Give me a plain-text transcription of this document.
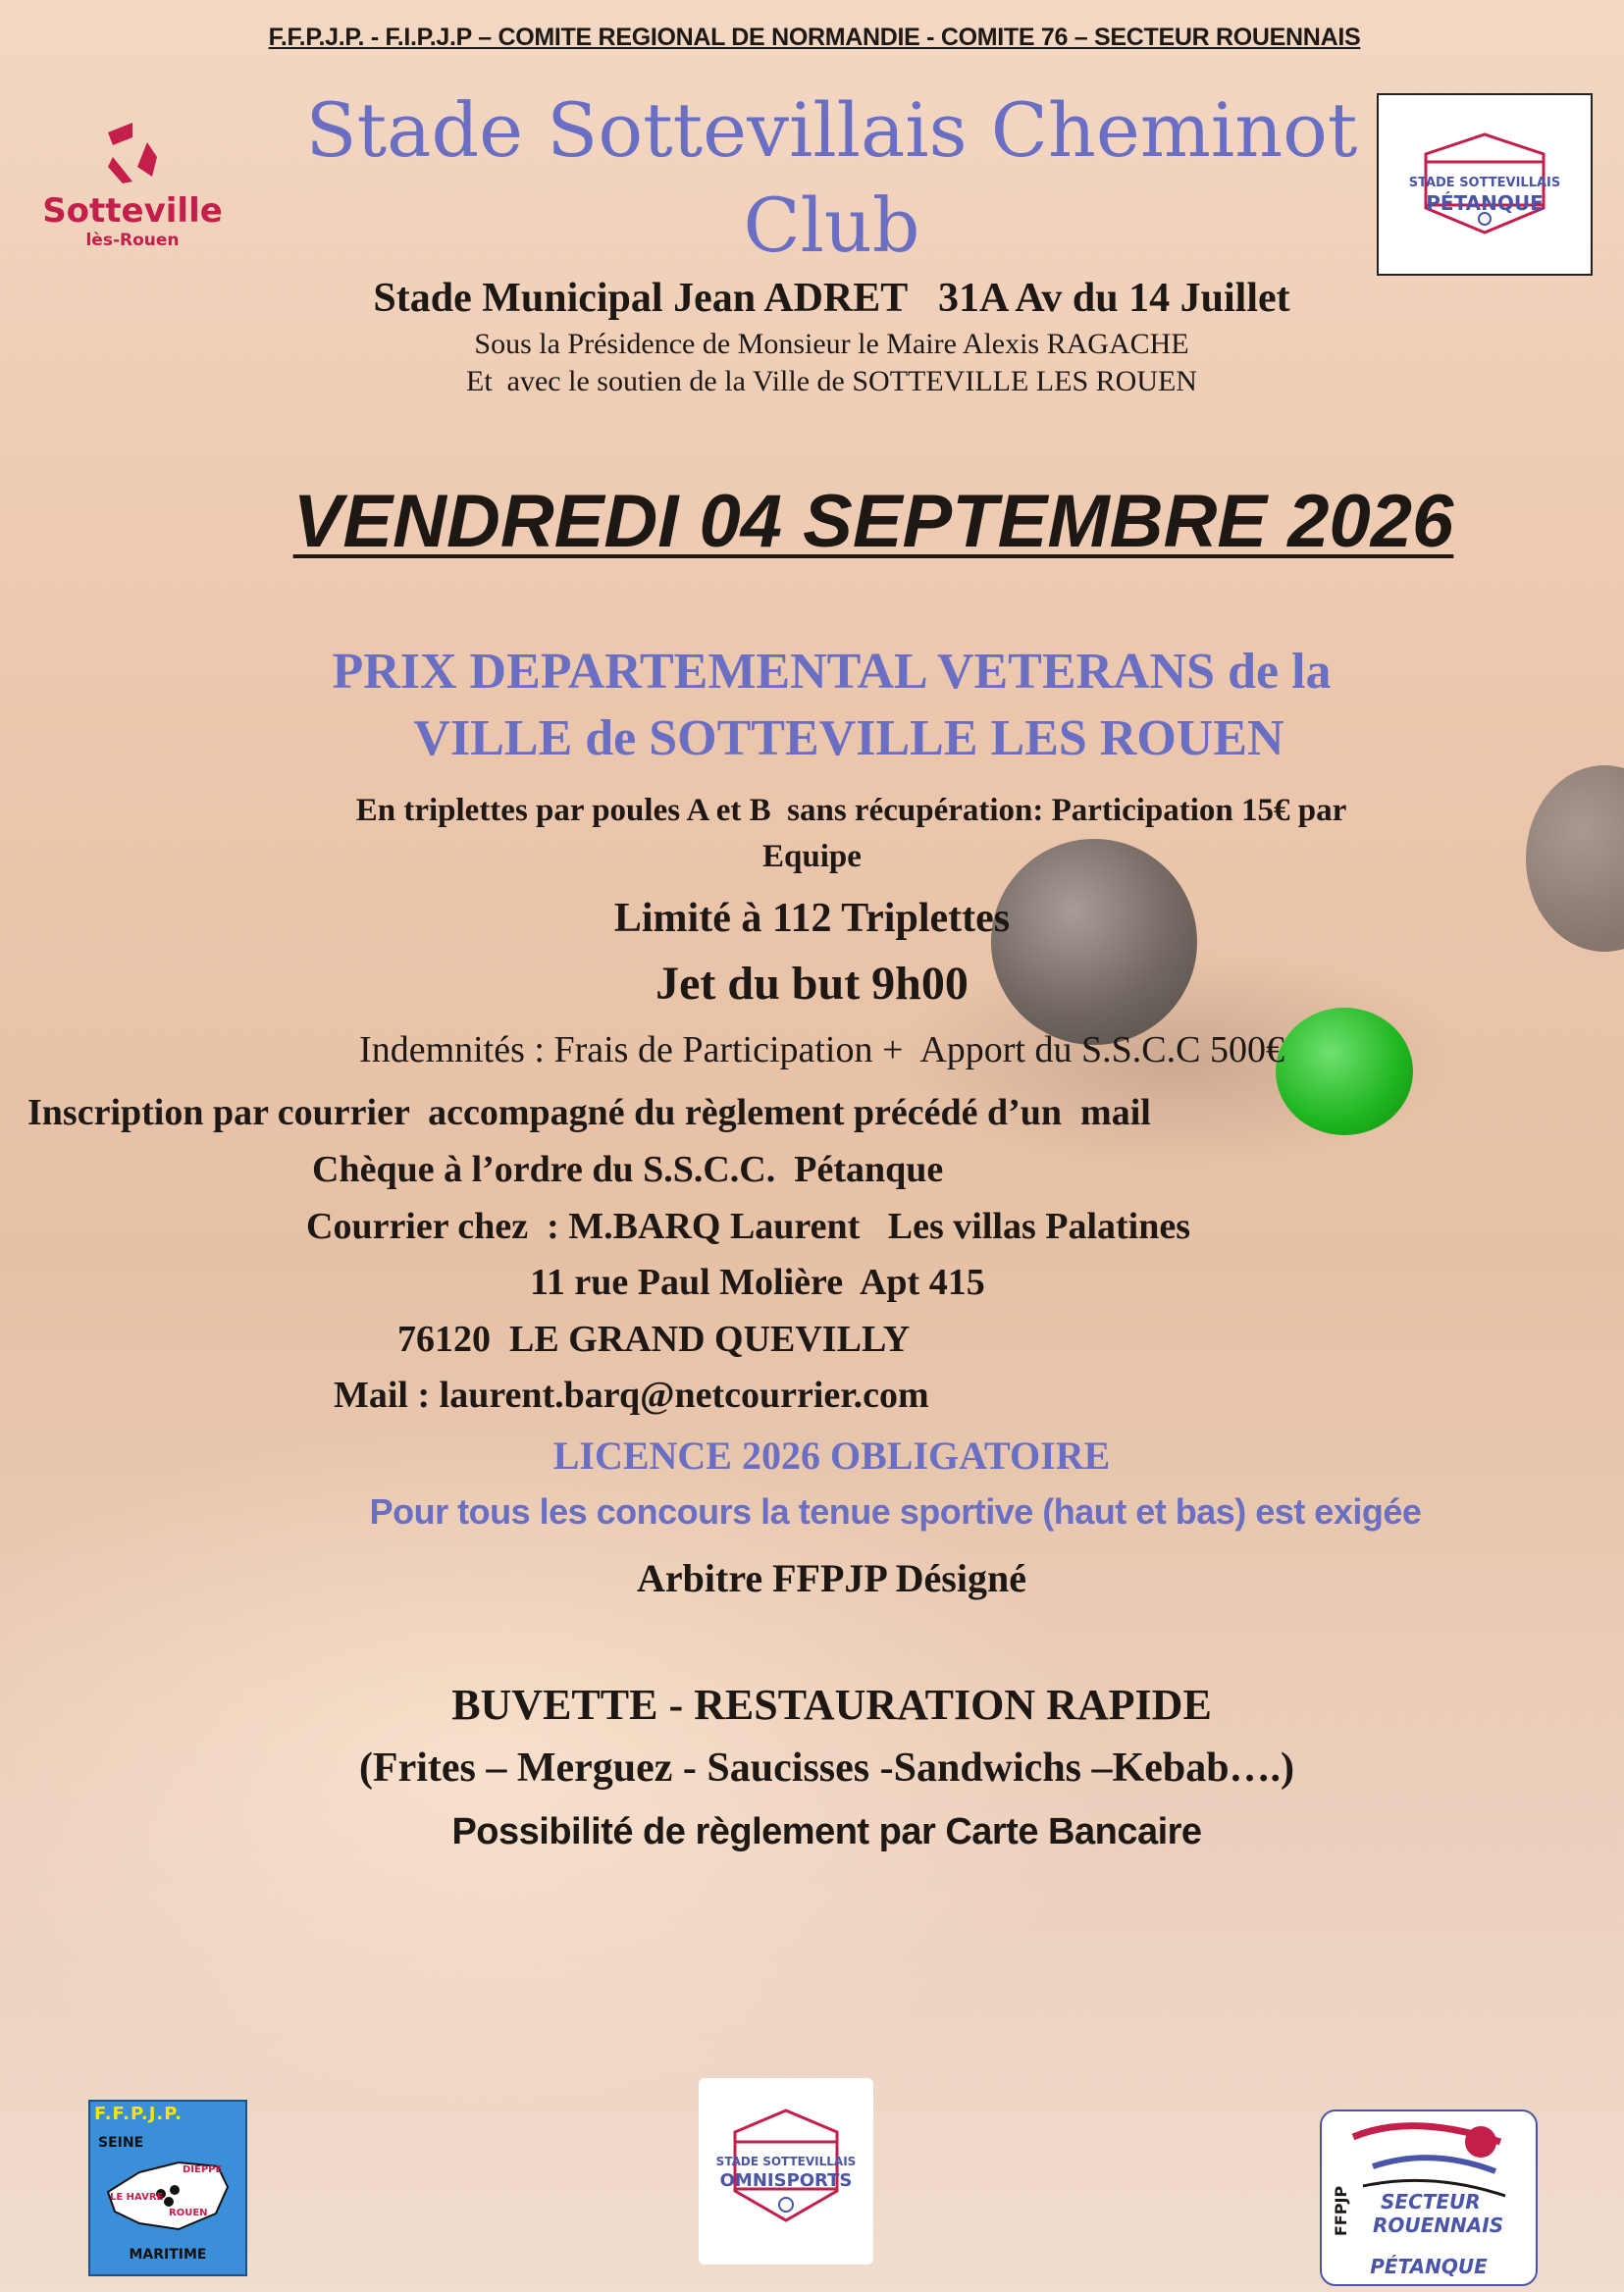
F.F.P.J.P. - F.I.P.J.P – COMITE REGIONAL DE NORMANDIE - COMITE 76 – SECTEUR ROUENNAIS
Sotteville
lès-Rouen
Stade Sottevillais Cheminot
Club	STADE SOTTEVILLAIS
PÉTANQUE
Stade Municipal Jean ADRET   31A Av du 14 Juillet
Sous la Présidence de Monsieur le Maire Alexis RAGACHE
Et  avec le soutien de la Ville de SOTTEVILLE LES ROUEN
VENDREDI 04 SEPTEMBRE 2026
PRIX DEPARTEMENTAL VETERANS de la
VILLE de SOTTEVILLE LES ROUEN
En triplettes par poules A et B  sans récupération: Participation 15€ par
Equipe
Limité à 112 Triplettes
Jet du but 9h00
Indemnités : Frais de Participation +  Apport du S.S.C.C 500€
Inscription par courrier  accompagné du règlement précédé d’un  mail
Chèque à l’ordre du S.S.C.C.  Pétanque
Courrier chez  : M.BARQ Laurent   Les villas Palatines
11 rue Paul Molière  Apt 415
76120  LE GRAND QUEVILLY
Mail : laurent.barq@netcourrier.com
LICENCE 2026 OBLIGATOIRE
Pour tous les concours la tenue sportive (haut et bas) est exigée
Arbitre FFPJP Désigné
BUVETTE - RESTAURATION RAPIDE
(Frites – Merguez - Saucisses -Sandwichs –Kebab….)
Possibilité de règlement par Carte Bancaire
F.F.P.J.P.
SEINE
DIEPPE
LE HAVRE
ROUEN
MARITIME
STADE SOTTEVILLAIS
OMNISPORTS
FFPJP SECTEUR
ROUENNAIS
PÉTANQUE
